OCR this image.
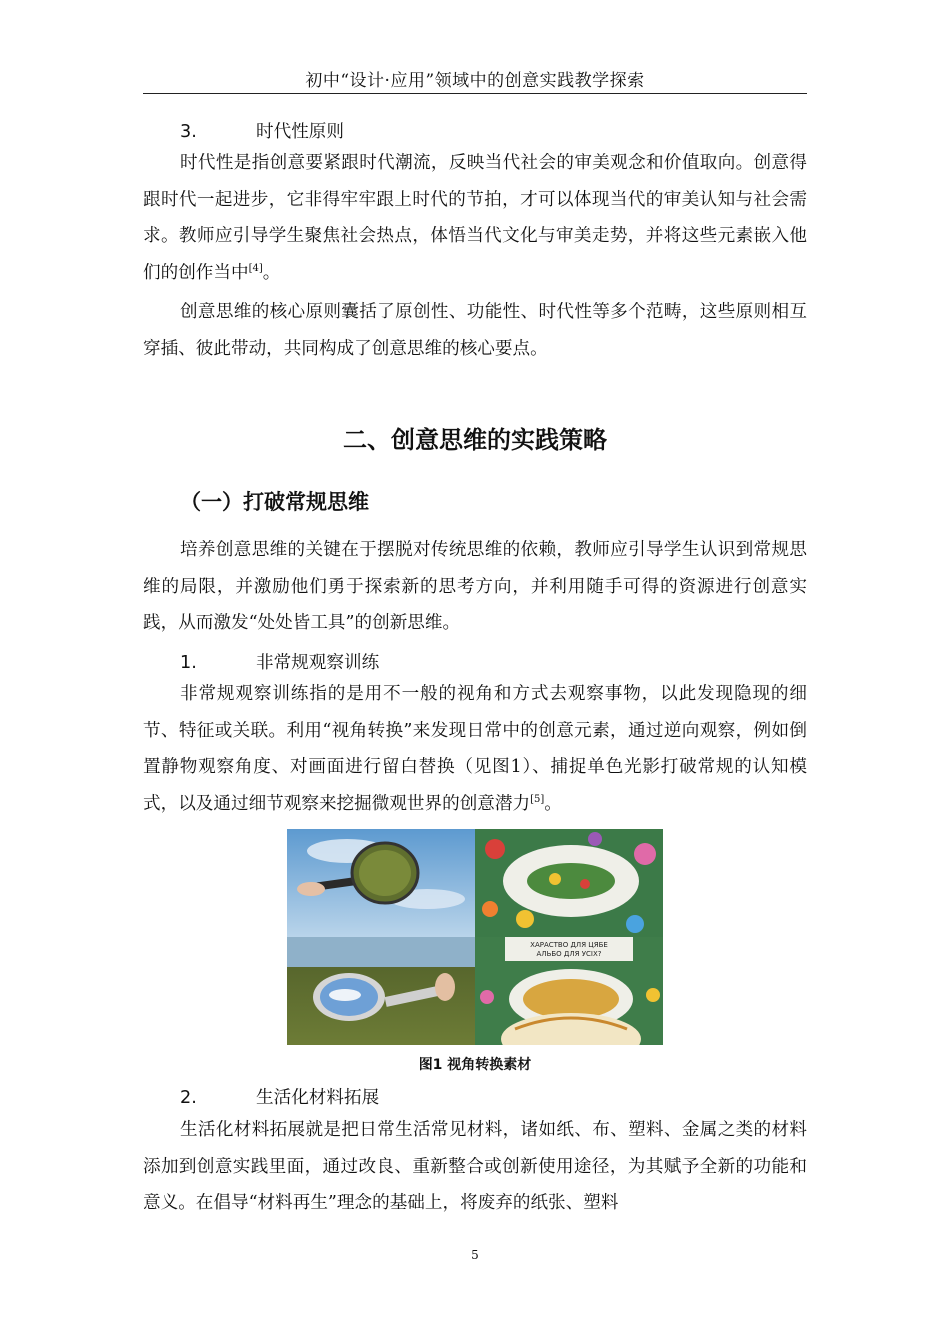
初中“设计·应用”领域中的创意实践教学探索
3.	时代性原则

时代性是指创意要紧跟时代潮流，反映当代社会的审美观念和价值取向。创意得跟时代一起进步，它非得牢牢跟上时代的节拍，才可以体现当代的审美认知与社会需求。教师应引导学生聚焦社会热点，体悟当代文化与审美走势，并将这些元素嵌入他们的创作当中[4]。

创意思维的核心原则囊括了原创性、功能性、时代性等多个范畴，这些原则相互穿插、彼此带动，共同构成了创意思维的核心要点。

二、创意思维的实践策略
（一）打破常规思维

培养创意思维的关键在于摆脱对传统思维的依赖，教师应引导学生认识到常规思维的局限，并激励他们勇于探索新的思考方向，并利用随手可得的资源进行创意实践，从而激发“处处皆工具”的创新思维。

1.	非常规观察训练

非常规观察训练指的是用不一般的视角和方式去观察事物，以此发现隐现的细节、特征或关联。利用“视角转换”来发现日常中的创意元素，通过逆向观察，例如倒置静物观察角度、对画面进行留白替换（见图1）、捕捉单色光影打破常规的认知模式，以及通过细节观察来挖掘微观世界的创意潜力[5]。

ХАРАСТВО ДЛЯ ЦЯБЕ
АЛЬБО ДЛЯ УСІХ?
图1 视角转换素材
2.	生活化材料拓展

生活化材料拓展就是把日常生活常见材料，诸如纸、布、塑料、金属之类的材料添加到创意实践里面，通过改良、重新整合或创新使用途径，为其赋予全新的功能和意义。在倡导“材料再生”理念的基础上，将废弃的纸张、塑料

5
